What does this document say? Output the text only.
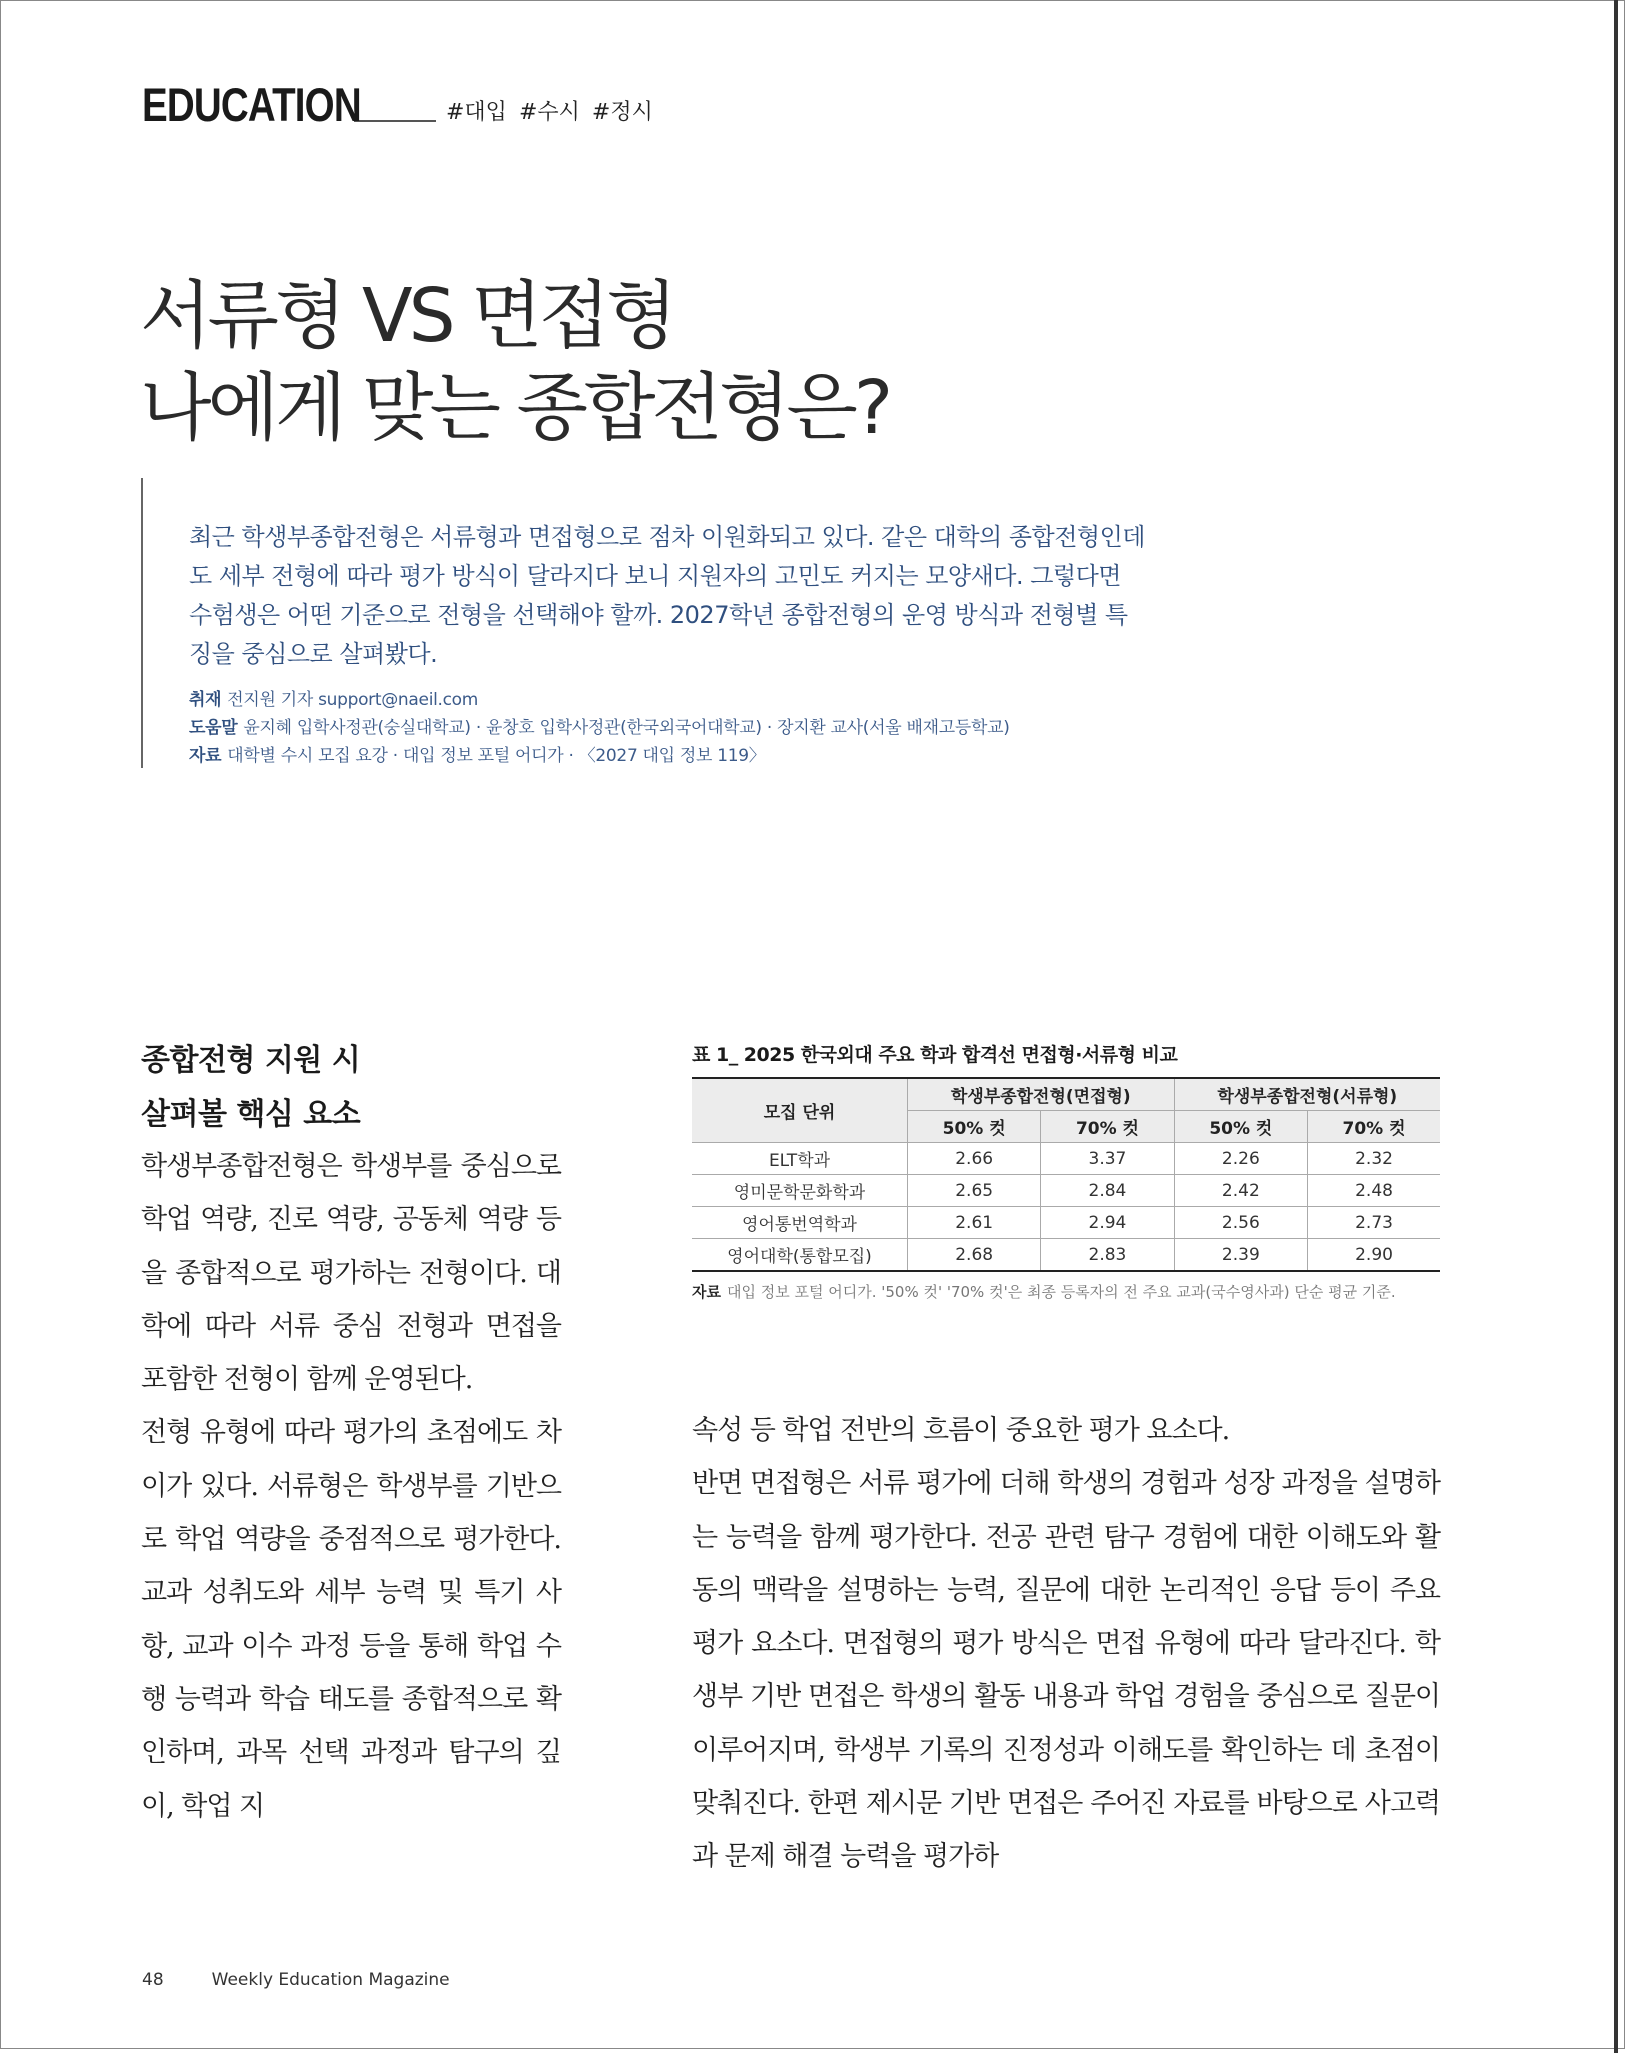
EDUCATION	#대입 #수시 #정시
서류형 VS 면접형
나에게 맞는 종합전형은?
최근 학생부종합전형은 서류형과 면접형으로 점차 이원화되고 있다. 같은 대학의 종합전형인데도 세부 전형에 따라 평가 방식이 달라지다 보니 지원자의 고민도 커지는 모양새다. 그렇다면 수험생은 어떤 기준으로 전형을 선택해야 할까. 2027학년 종합전형의 운영 방식과 전형별 특징을 중심으로 살펴봤다.
취재 전지원 기자 support@naeil.com
도움말 윤지혜 입학사정관(숭실대학교) · 윤창호 입학사정관(한국외국어대학교) · 장지환 교사(서울 배재고등학교)
자료 대학별 수시 모집 요강 · 대입 정보 포털 어디가 · 〈2027 대입 정보 119〉
종합전형 지원 시
살펴볼 핵심 요소

학생부종합전형은 학생부를 중심으로 학업 역량, 진로 역량, 공동체 역량 등을 종합적으로 평가하는 전형이다. 대학에 따라 서류 중심 전형과 면접을 포함한 전형이 함께 운영된다.

전형 유형에 따라 평가의 초점에도 차이가 있다. 서류형은 학생부를 기반으로 학업 역량을 중점적으로 평가한다. 교과 성취도와 세부 능력 및 특기 사항, 교과 이수 과정 등을 통해 학업 수행 능력과 학습 태도를 종합적으로 확인하며, 과목 선택 과정과 탐구의 깊이, 학업 지

표 1_ 2025 한국외대 주요 학과 합격선 면접형·서류형 비교
모집 단위	학생부종합전형(면접형)		학생부종합전형(서류형)	
	50% 컷	70% 컷	50% 컷	70% 컷
ELT학과	2.66	3.37	2.26	2.32
영미문학문화학과	2.65	2.84	2.42	2.48
영어통번역학과	2.61	2.94	2.56	2.73
영어대학(통합모집)	2.68	2.83	2.39	2.90
자료 대입 정보 포털 어디가. '50% 컷' '70% 컷'은 최종 등록자의 전 주요 교과(국수영사과) 단순 평균 기준.

속성 등 학업 전반의 흐름이 중요한 평가 요소다.

반면 면접형은 서류 평가에 더해 학생의 경험과 성장 과정을 설명하는 능력을 함께 평가한다. 전공 관련 탐구 경험에 대한 이해도와 활동의 맥락을 설명하는 능력, 질문에 대한 논리적인 응답 등이 주요 평가 요소다. 면접형의 평가 방식은 면접 유형에 따라 달라진다. 학생부 기반 면접은 학생의 활동 내용과 학업 경험을 중심으로 질문이 이루어지며, 학생부 기록의 진정성과 이해도를 확인하는 데 초점이 맞춰진다. 한편 제시문 기반 면접은 주어진 자료를 바탕으로 사고력과 문제 해결 능력을 평가하

48	Weekly Education Magazine
